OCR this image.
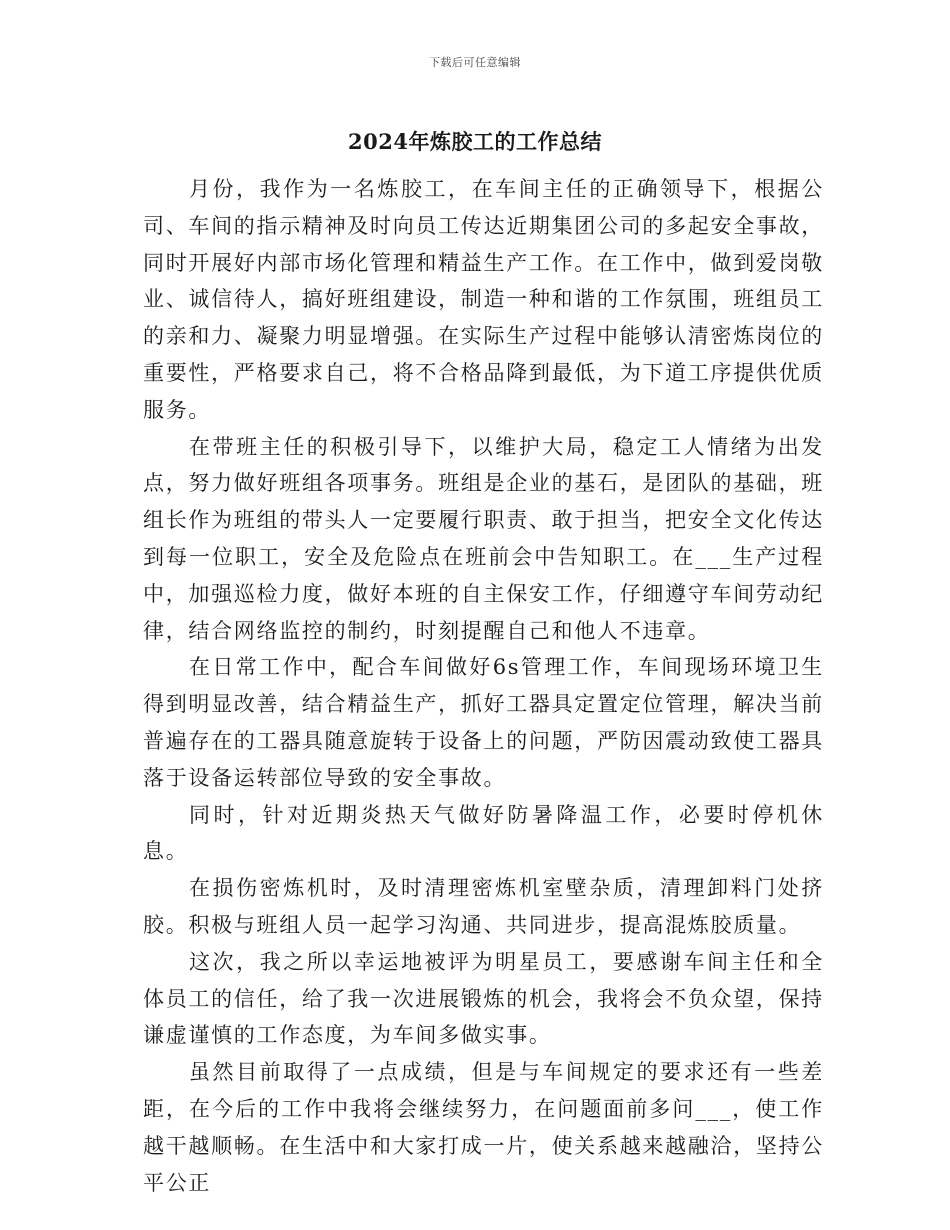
下载后可任意编辑
2024年炼胶工的工作总结

月份，我作为一名炼胶工，在车间主任的正确领导下，根据公司、车间的指示精神及时向员工传达近期集团公司的多起安全事故，同时开展好内部市场化管理和精益生产工作。在工作中，做到爱岗敬业、诚信待人，搞好班组建设，制造一种和谐的工作氛围，班组员工的亲和力、凝聚力明显增强。在实际生产过程中能够认清密炼岗位的重要性，严格要求自己，将不合格品降到最低，为下道工序提供优质服务。

在带班主任的积极引导下，以维护大局，稳定工人情绪为出发点，努力做好班组各项事务。班组是企业的基石，是团队的基础，班组长作为班组的带头人一定要履行职责、敢于担当，把安全文化传达到每一位职工，安全及危险点在班前会中告知职工。在___生产过程中，加强巡检力度，做好本班的自主保安工作，仔细遵守车间劳动纪律，结合网络监控的制约，时刻提醒自己和他人不违章。

在日常工作中，配合车间做好6s管理工作，车间现场环境卫生得到明显改善，结合精益生产，抓好工器具定置定位管理，解决当前普遍存在的工器具随意旋转于设备上的问题，严防因震动致使工器具落于设备运转部位导致的安全事故。

同时，针对近期炎热天气做好防暑降温工作，必要时停机休息。

在损伤密炼机时，及时清理密炼机室壁杂质，清理卸料门处挤胶。积极与班组人员一起学习沟通、共同进步，提高混炼胶质量。

这次，我之所以幸运地被评为明星员工，要感谢车间主任和全体员工的信任，给了我一次进展锻炼的机会，我将会不负众望，保持谦虚谨慎的工作态度，为车间多做实事。

虽然目前取得了一点成绩，但是与车间规定的要求还有一些差距，在今后的工作中我将会继续努力，在问题面前多问___，使工作越干越顺畅。在生活中和大家打成一片，使关系越来越融洽，坚持公平公正
